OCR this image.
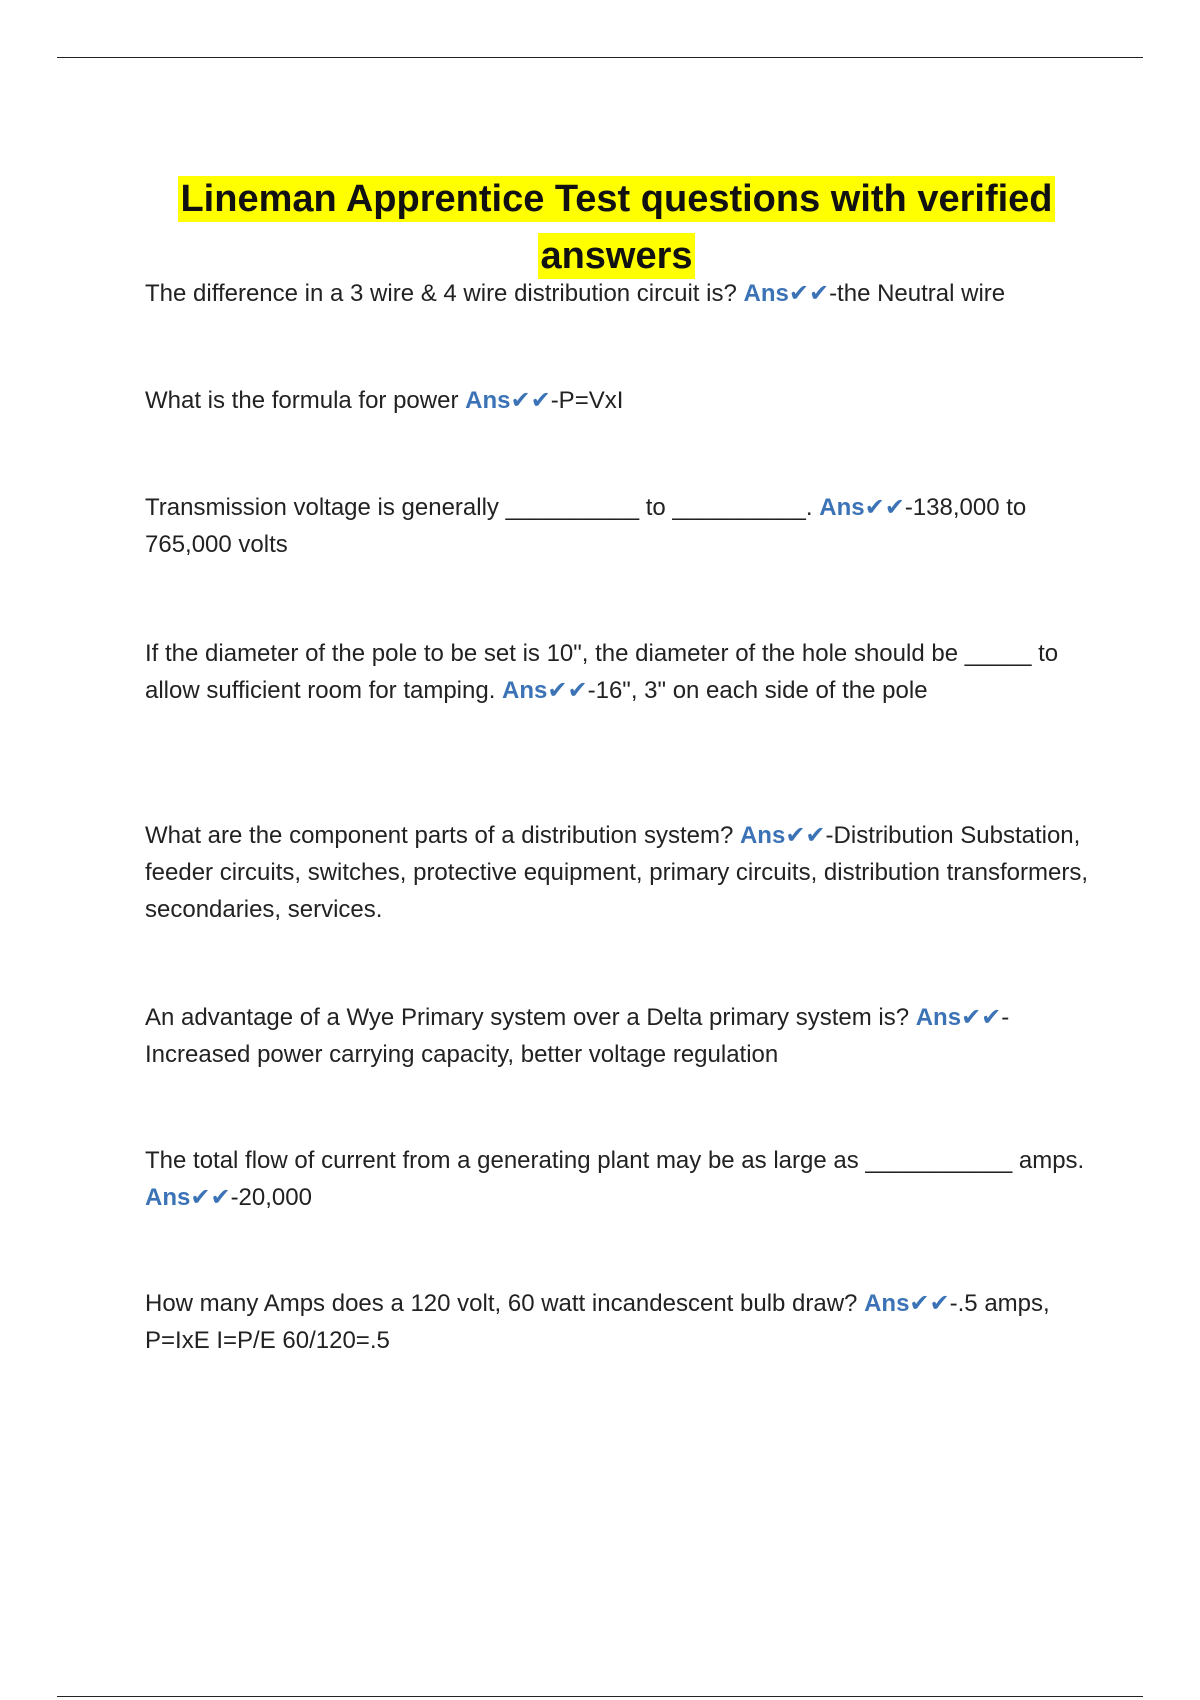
Lineman Apprentice Test questions with verified answers

The difference in a 3 wire & 4 wire distribution circuit is? Ans✔✔-the Neutral wire

What is the formula for power Ans✔✔-P=VxI

Transmission voltage is generally __________ to __________. Ans✔✔-138,000 to 765,000 volts

If the diameter of the pole to be set is 10", the diameter of the hole should be _____ to allow sufficient room for tamping. Ans✔✔-16", 3" on each side of the pole

What are the component parts of a distribution system? Ans✔✔-Distribution Substation, feeder circuits, switches, protective equipment, primary circuits, distribution transformers, secondaries, services.

An advantage of a Wye Primary system over a Delta primary system is? Ans✔✔-Increased power carrying capacity, better voltage regulation

The total flow of current from a generating plant may be as large as ___________ amps. Ans✔✔-20,000

How many Amps does a 120 volt, 60 watt incandescent bulb draw? Ans✔✔-.5 amps, P=IxE I=P/E 60/120=.5
